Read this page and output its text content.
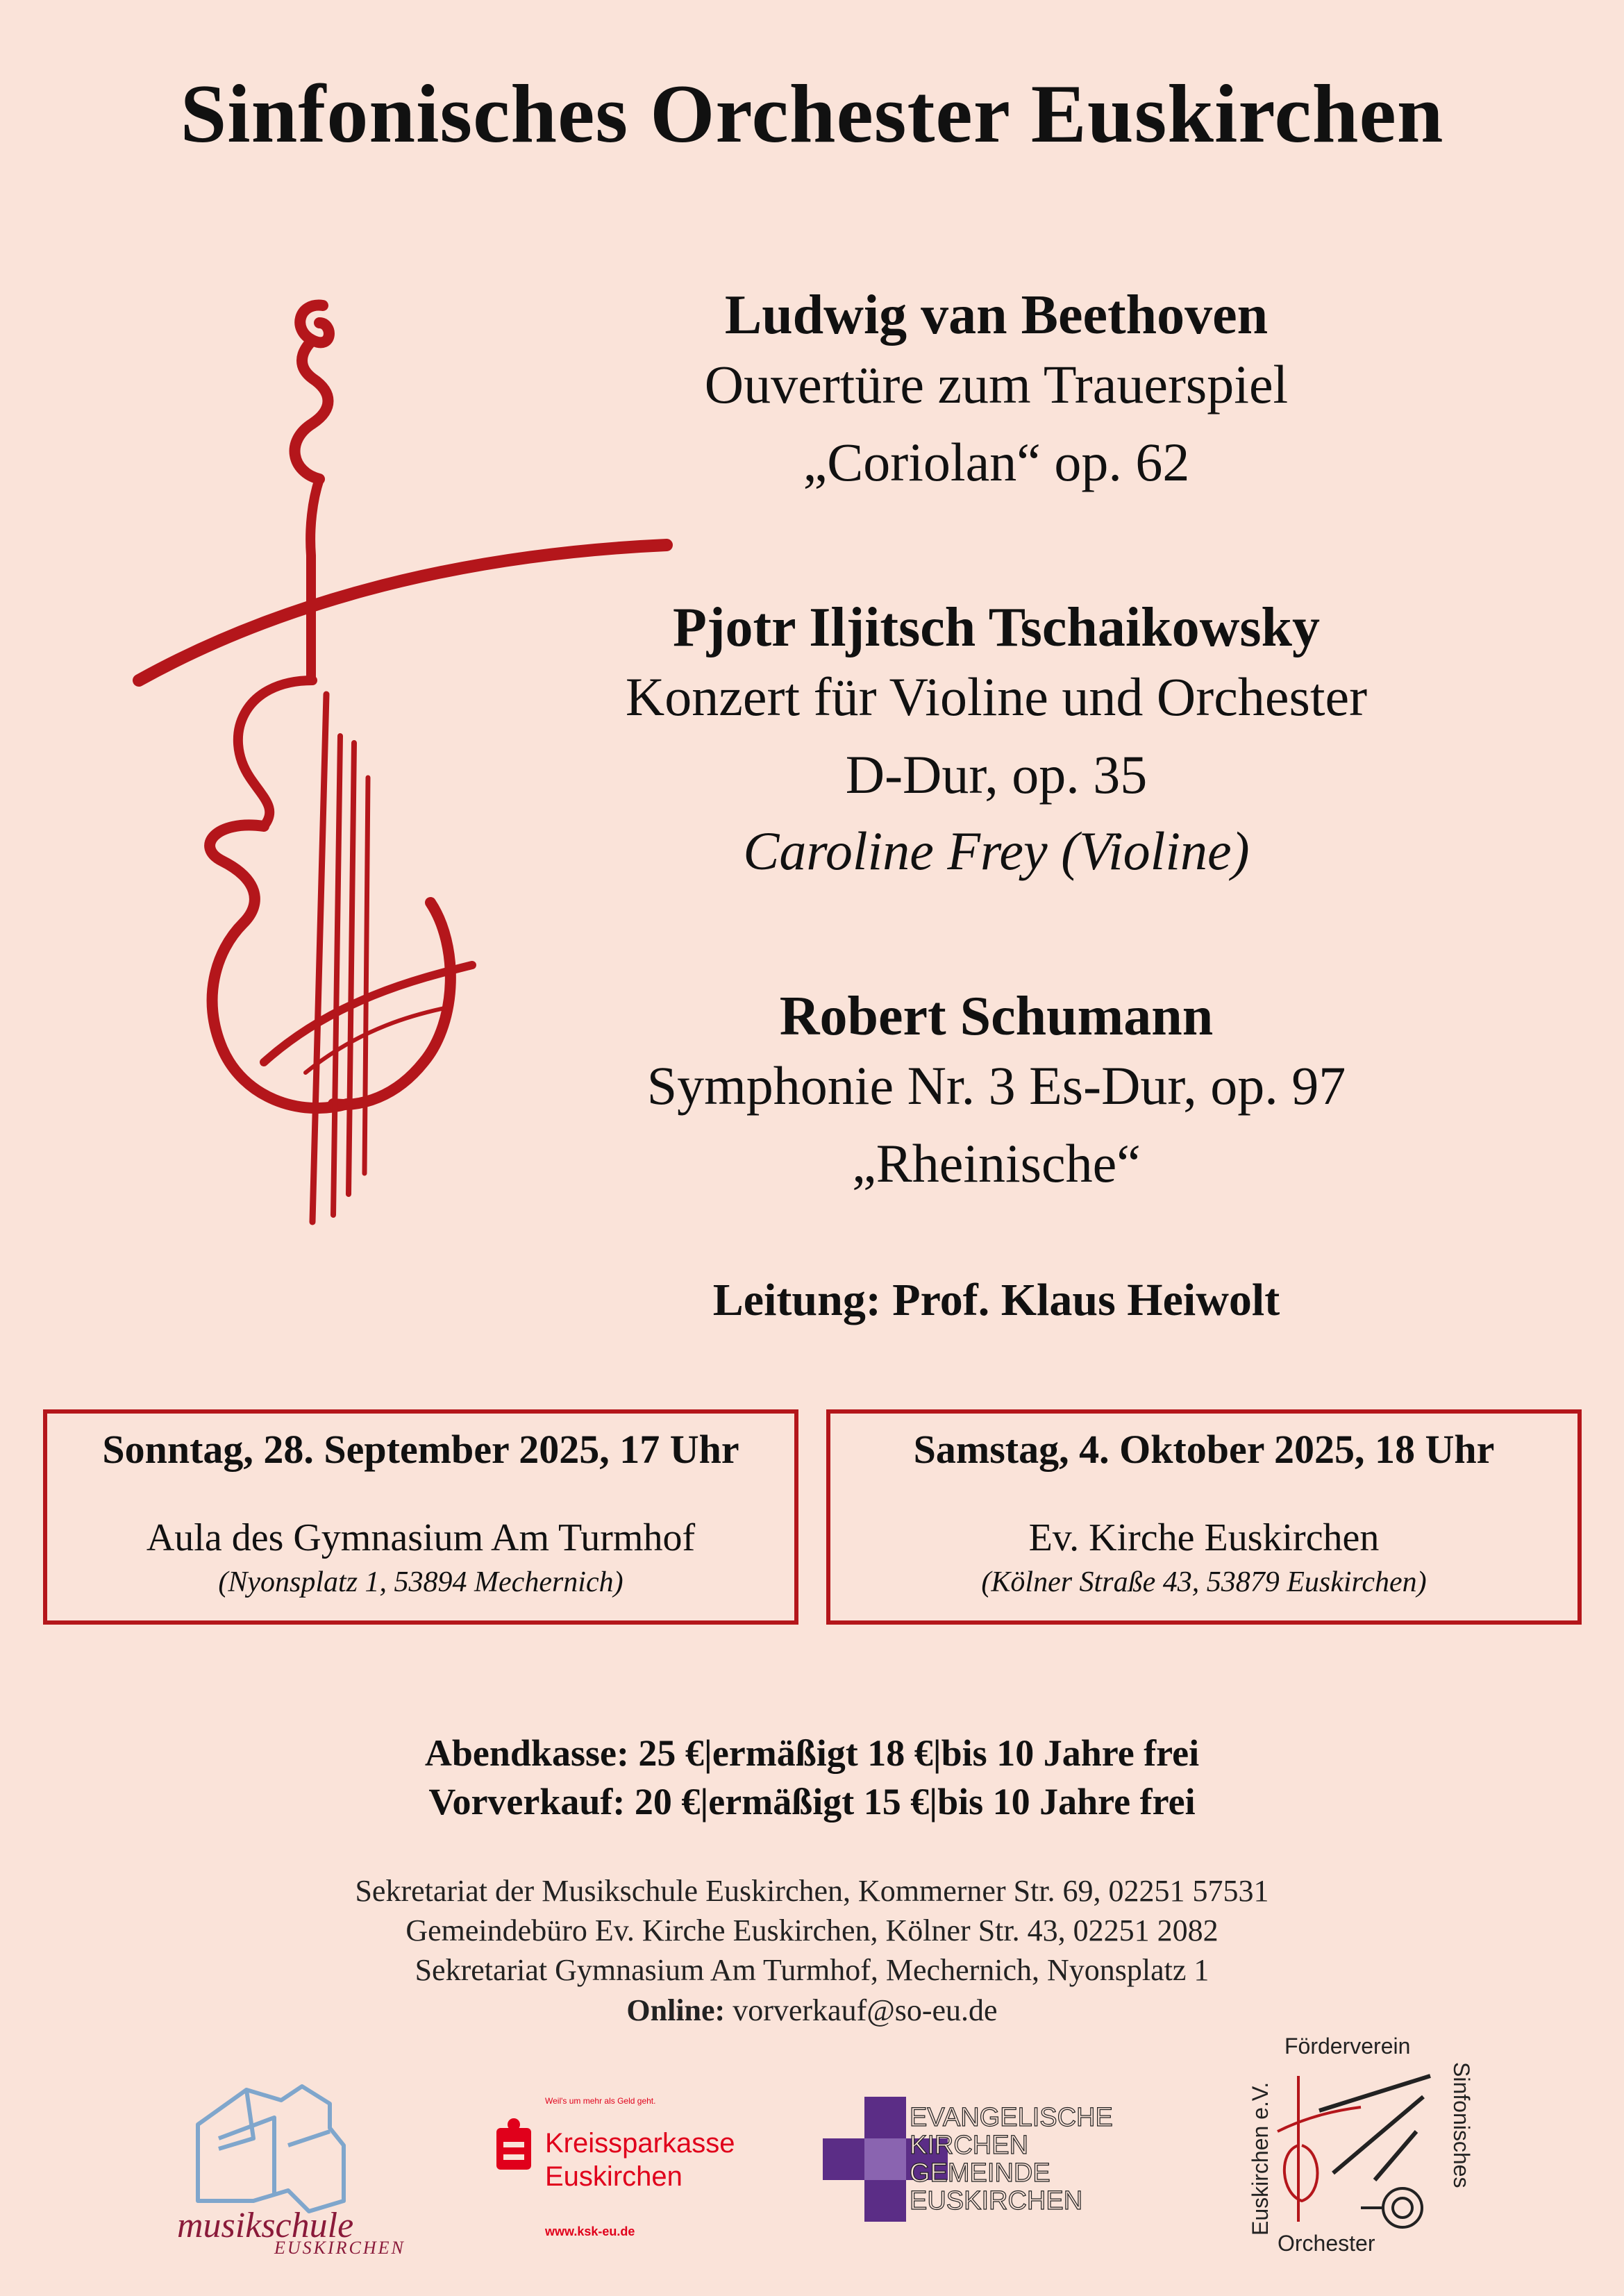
Sinfonisches Orchester Euskirchen
Ludwig van Beethoven
Ouvertüre zum Trauerspiel
„Coriolan“ op. 62
Pjotr Iljitsch Tschaikowsky
Konzert für Violine und Orchester
D-Dur, op. 35
Caroline Frey (Violine)
Robert Schumann
Symphonie Nr. 3 Es-Dur, op. 97
„Rheinische“
Leitung: Prof. Klaus Heiwolt
Sonntag, 28. September 2025, 17 Uhr
Aula des Gymnasium Am Turmhof
(Nyonsplatz 1, 53894 Mechernich)
Samstag, 4. Oktober 2025, 18 Uhr
Ev. Kirche Euskirchen
(Kölner Straße 43, 53879 Euskirchen)
Abendkasse: 25 €|ermäßigt 18 €|bis 10 Jahre frei
Vorverkauf: 20 €|ermäßigt 15 €|bis 10 Jahre frei
Sekretariat der Musikschule Euskirchen, Kommerner Str. 69, 02251 57531
Gemeindebüro Ev. Kirche Euskirchen, Kölner Str. 43, 02251 2082
Sekretariat Gymnasium Am Turmhof, Mechernich, Nyonsplatz 1
Online: vorverkauf@so-eu.de
musikschule
EUSKIRCHEN
Weil's um mehr als Geld geht.
Kreissparkasse
Euskirchen
www.ksk-eu.de
EVANGELISCHE
KIRCHEN
GEMEINDE
EUSKIRCHEN
Förderverein
Orchester
Sinfonisches
Euskirchen e.V.
